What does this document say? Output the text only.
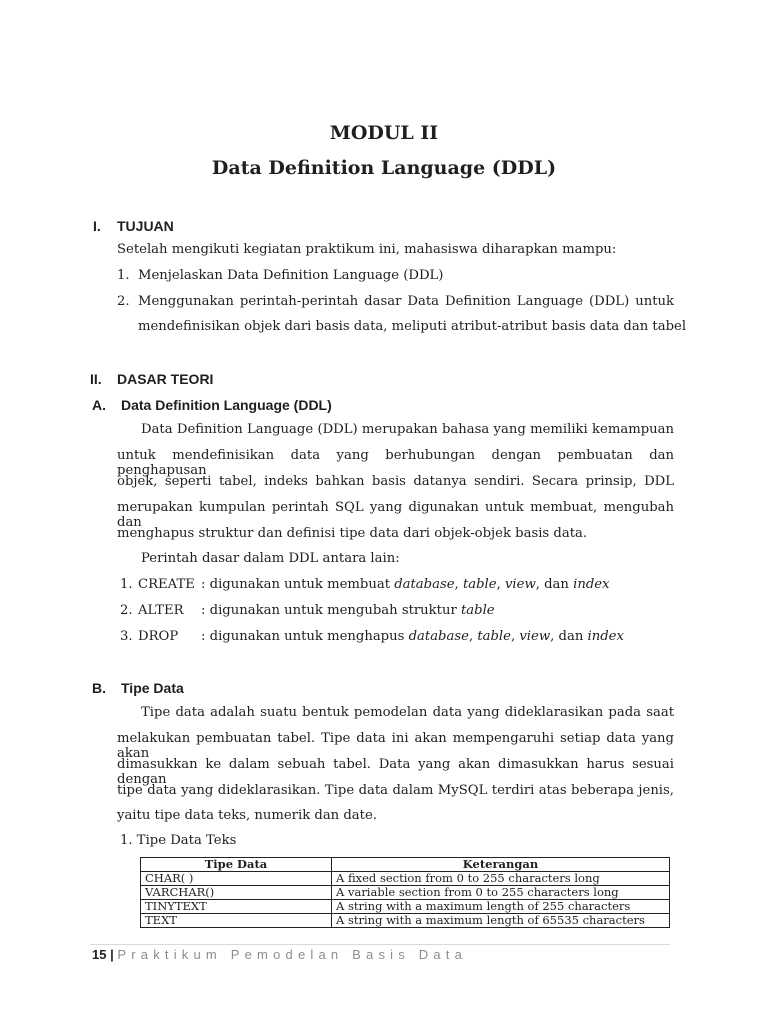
MODUL II
Data Definition Language (DDL)
I. TUJUAN
Setelah mengikuti kegiatan praktikum ini, mahasiswa diharapkan mampu:
1. Menjelaskan Data Definition Language (DDL)
2. Menggunakan perintah-perintah dasar Data Definition Language (DDL) untuk
mendefinisikan objek dari basis data, meliputi atribut-atribut basis data dan tabel
II. DASAR TEORI
A. Data Definition Language (DDL)
Data Definition Language (DDL) merupakan bahasa yang memiliki kemampuan
untuk mendefinisikan data yang berhubungan dengan pembuatan dan penghapusan
objek, seperti tabel, indeks bahkan basis datanya sendiri. Secara prinsip, DDL
merupakan kumpulan perintah SQL yang digunakan untuk membuat, mengubah dan
menghapus struktur dan definisi tipe data dari objek-objek basis data.
Perintah dasar dalam DDL antara lain:
1. CREATE : digunakan untuk membuat database, table, view, dan index
2. ALTER : digunakan untuk mengubah struktur table
3. DROP : digunakan untuk menghapus database, table, view, dan index
B. Tipe Data
Tipe data adalah suatu bentuk pemodelan data yang dideklarasikan pada saat
melakukan pembuatan tabel. Tipe data ini akan mempengaruhi setiap data yang akan
dimasukkan ke dalam sebuah tabel. Data yang akan dimasukkan harus sesuai dengan
tipe data yang dideklarasikan. Tipe data dalam MySQL terdiri atas beberapa jenis,
yaitu tipe data teks, numerik dan date.
1. Tipe Data Teks
Tipe Data	Keterangan
CHAR( )	A fixed section from 0 to 255 characters long
VARCHAR()	A variable section from 0 to 255 characters long
TINYTEXT	A string with a maximum length of 255 characters
TEXT	A string with a maximum length of 65535 characters
15 | Praktikum Pemodelan Basis Data
